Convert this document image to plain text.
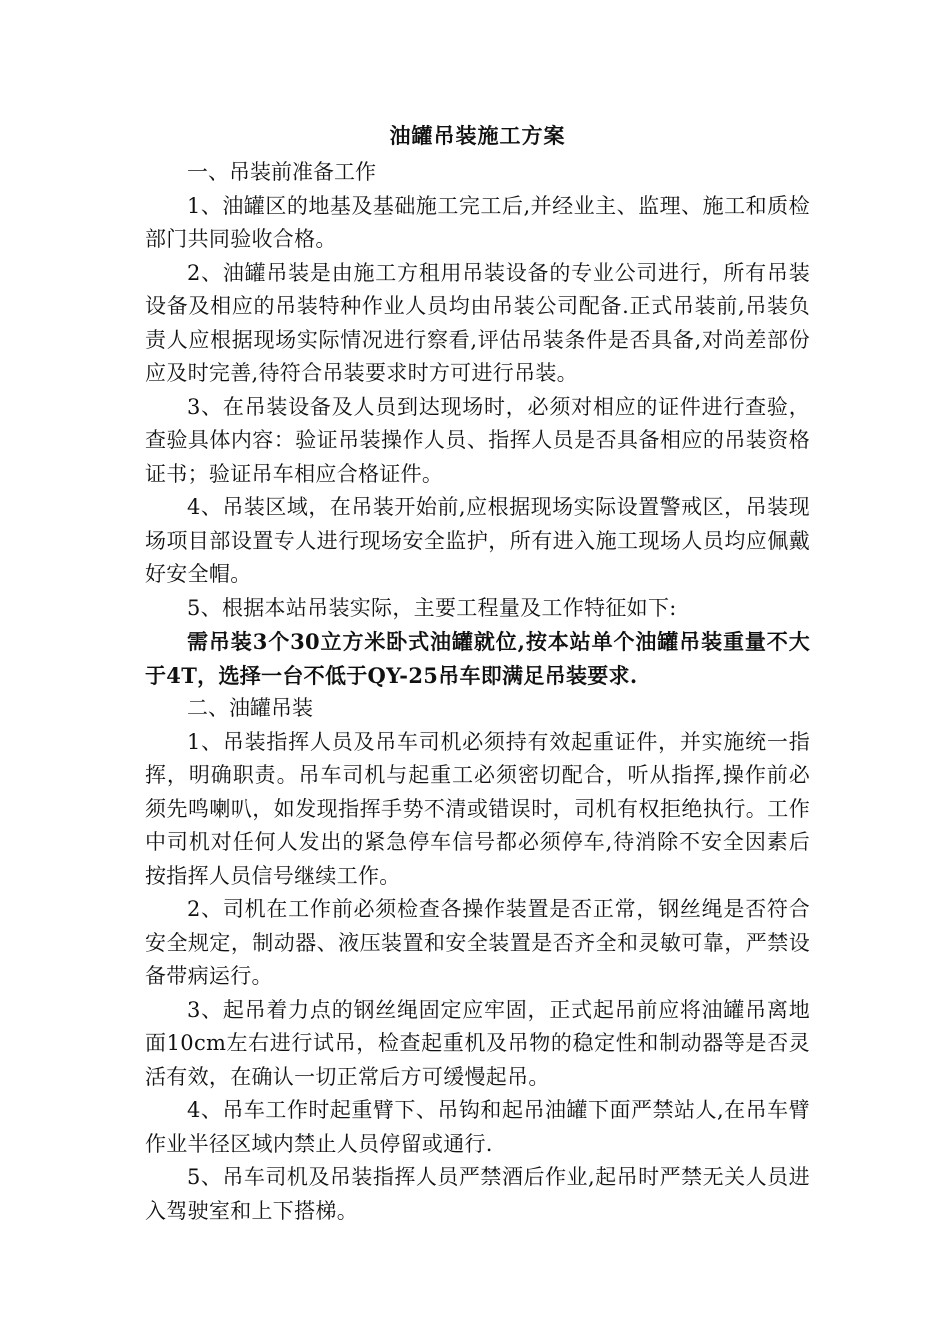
油罐吊装施工方案

一、吊装前准备工作

1、油罐区的地基及基础施工完工后,并经业主、监理、施工和质检部门共同验收合格。

2、油罐吊装是由施工方租用吊装设备的专业公司进行，所有吊装设备及相应的吊装特种作业人员均由吊装公司配备.正式吊装前,吊装负责人应根据现场实际情况进行察看,评估吊装条件是否具备,对尚差部份应及时完善,待符合吊装要求时方可进行吊装。

3、在吊装设备及人员到达现场时，必须对相应的证件进行查验，查验具体内容：验证吊装操作人员、指挥人员是否具备相应的吊装资格证书；验证吊车相应合格证件。

4、吊装区域，在吊装开始前,应根据现场实际设置警戒区，吊装现场项目部设置专人进行现场安全监护，所有进入施工现场人员均应佩戴好安全帽。

5、根据本站吊装实际，主要工程量及工作特征如下:

需吊装3个30立方米卧式油罐就位,按本站单个油罐吊装重量不大于4T，选择一台不低于QY-25吊车即满足吊装要求.

二、油罐吊装

1、吊装指挥人员及吊车司机必须持有效起重证件，并实施统一指挥，明确职责。吊车司机与起重工必须密切配合，听从指挥,操作前必须先鸣喇叭，如发现指挥手势不清或错误时，司机有权拒绝执行。工作中司机对任何人发出的紧急停车信号都必须停车,待消除不安全因素后按指挥人员信号继续工作。

2、司机在工作前必须检查各操作装置是否正常，钢丝绳是否符合安全规定，制动器、液压装置和安全装置是否齐全和灵敏可靠，严禁设备带病运行。

3、起吊着力点的钢丝绳固定应牢固，正式起吊前应将油罐吊离地面10cm左右进行试吊，检查起重机及吊物的稳定性和制动器等是否灵活有效，在确认一切正常后方可缓慢起吊。

4、吊车工作时起重臂下、吊钩和起吊油罐下面严禁站人,在吊车臂作业半径区域内禁止人员停留或通行.

5、吊车司机及吊装指挥人员严禁酒后作业,起吊时严禁无关人员进入驾驶室和上下搭梯。
